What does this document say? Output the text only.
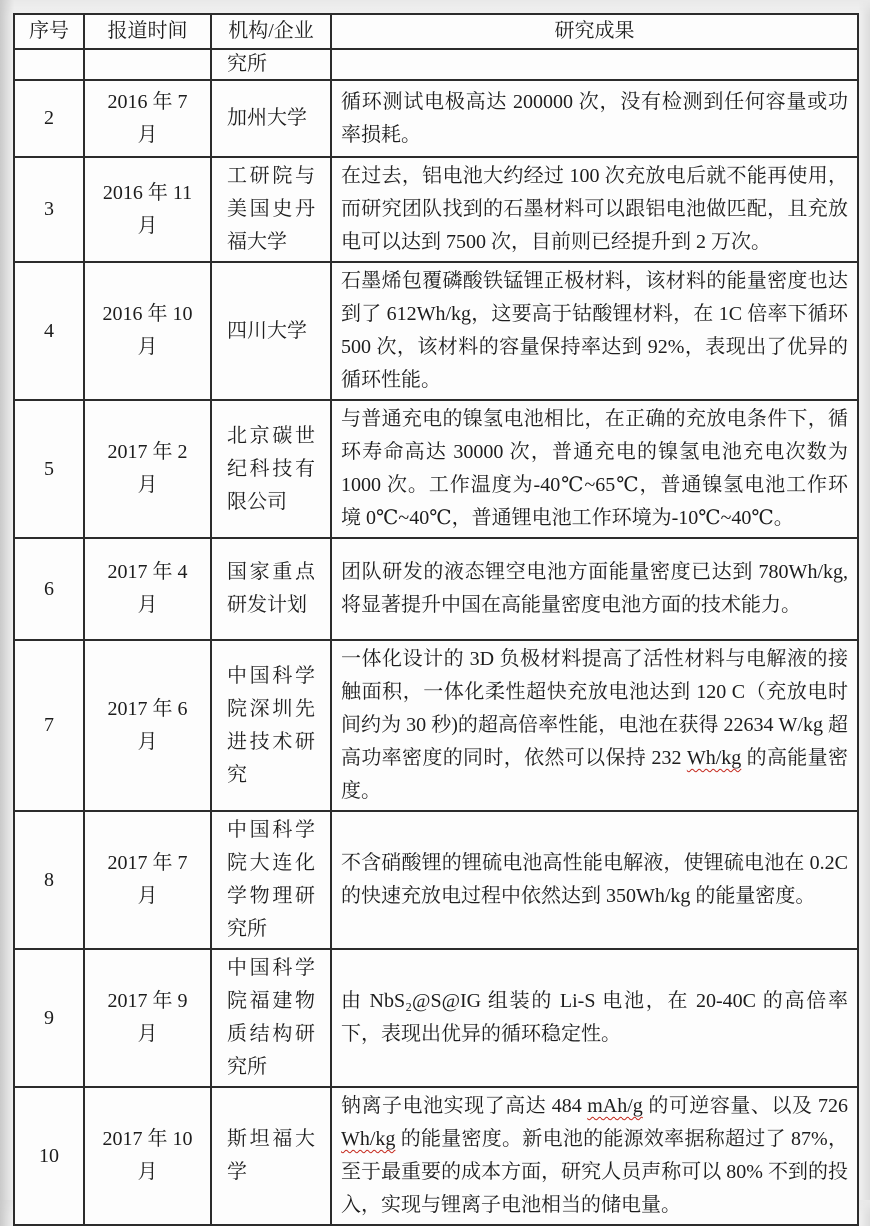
序号	报道时间	机构/企业	研究成果
		究所	
2	2016 年 7 月	加州大学	循环测试电极高达 200000 次，没有检测到任何容量或功率损耗。
3	2016 年 11 月	工研院与美国史丹福大学	在过去，铝电池大约经过 100 次充放电后就不能再使用，而研究团队找到的石墨材料可以跟铝电池做匹配，且充放电可以达到 7500 次，目前则已经提升到 2 万次。
4	2016 年 10 月	四川大学	石墨烯包覆磷酸铁锰锂正极材料，该材料的能量密度也达到了 612Wh/kg，这要高于钴酸锂材料，在 1C 倍率下循环 500 次，该材料的容量保持率达到 92%，表现出了优异的循环性能。
5	2017 年 2 月	北京碳世纪科技有限公司	与普通充电的镍氢电池相比，在正确的充放电条件下，循环寿命高达 30000 次，普通充电的镍氢电池充电次数为 1000 次。工作温度为-40℃~65℃，普通镍氢电池工作环境 0℃~40℃，普通锂电池工作环境为-10℃~40℃。
6	2017 年 4 月	国家重点研发计划	团队研发的液态锂空电池方面能量密度已达到 780Wh/kg,将显著提升中国在高能量密度电池方面的技术能力。
7	2017 年 6 月	中国科学院深圳先进技术研究	一体化设计的 3D 负极材料提高了活性材料与电解液的接触面积，一体化柔性超快充放电池达到 120 C（充放电时间约为 30 秒)的超高倍率性能，电池在获得 22634 W/kg 超高功率密度的同时，依然可以保持 232 Wh/kg 的高能量密度。
8	2017 年 7 月	中国科学院大连化学物理研究所	不含硝酸锂的锂硫电池高性能电解液，使锂硫电池在 0.2C 的快速充放电过程中依然达到 350Wh/kg 的能量密度。
9	2017 年 9 月	中国科学院福建物质结构研究所	由 NbS₂@S@IG 组装的 Li-S 电池，在 20-40C 的高倍率下，表现出优异的循环稳定性。
10	2017 年 10 月	斯坦福大学	钠离子电池实现了高达 484 mAh/g 的可逆容量、以及 726 Wh/kg 的能量密度。新电池的能源效率据称超过了 87%，至于最重要的成本方面，研究人员声称可以 80% 不到的投入，实现与锂离子电池相当的储电量。
